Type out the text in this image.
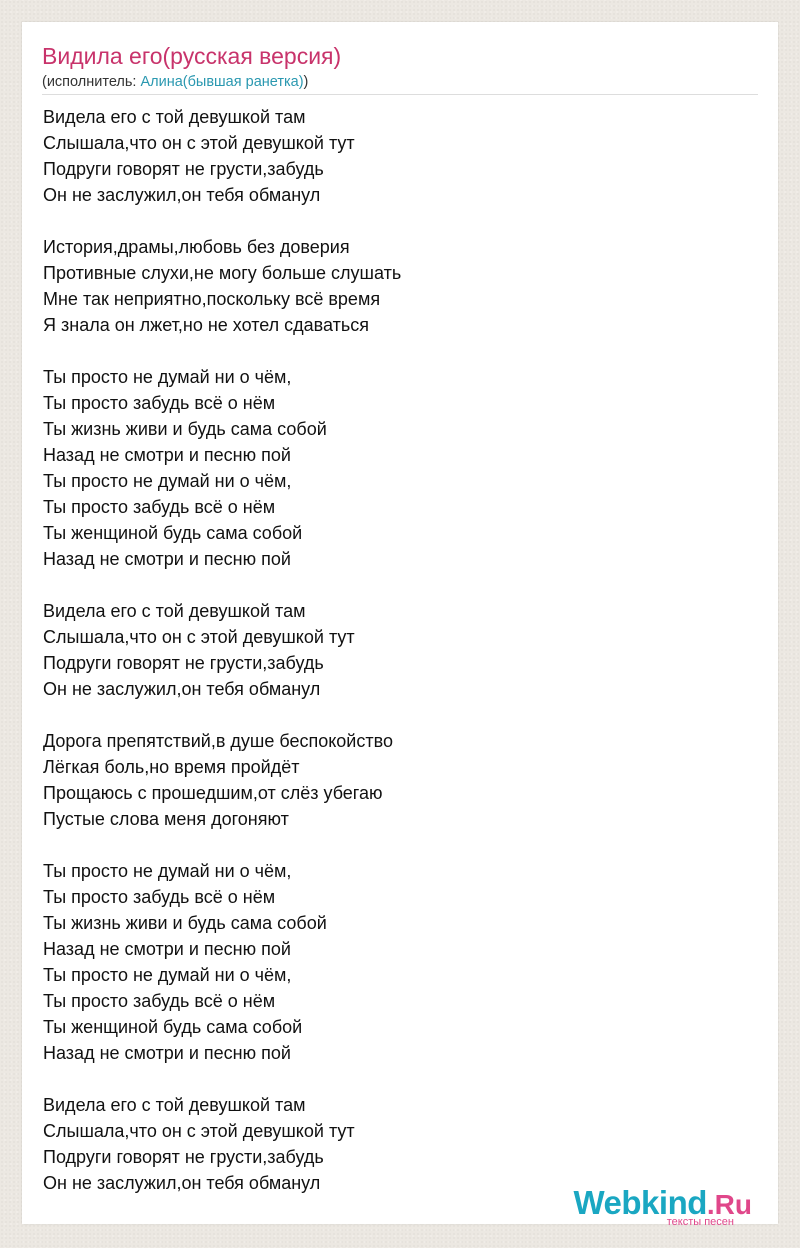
Видила его(русская версия)
(исполнитель: Алина(бывшая ранетка))
Видела его с той девушкой там
Слышала,что он с этой девушкой тут
Подруги говорят не грусти,забудь
Он не заслужил,он тебя обманул
История,драмы,любовь без доверия
Противные слухи,не могу больше слушать
Мне так неприятно,поскольку всё время
Я знала он лжет,но не хотел сдаваться
Ты просто не думай ни о чём,
Ты просто забудь всё о нём
Ты жизнь живи и будь сама собой
Назад не смотри и песню пой
Ты просто не думай ни о чём,
Ты просто забудь всё о нём
Ты женщиной будь сама собой
Назад не смотри и песню пой
Видела его с той девушкой там
Слышала,что он с этой девушкой тут
Подруги говорят не грусти,забудь
Он не заслужил,он тебя обманул
Дорога препятствий,в душе беспокойство
Лёгкая боль,но время пройдёт
Прощаюсь с прошедшим,от слёз убегаю
Пустые слова меня догоняют
Ты просто не думай ни о чём,
Ты просто забудь всё о нём
Ты жизнь живи и будь сама собой
Назад не смотри и песню пой
Ты просто не думай ни о чём,
Ты просто забудь всё о нём
Ты женщиной будь сама собой
Назад не смотри и песню пой
Видела его с той девушкой там
Слышала,что он с этой девушкой тут
Подруги говорят не грусти,забудь
Он не заслужил,он тебя обманул
Webkind.Ru
тексты песен
